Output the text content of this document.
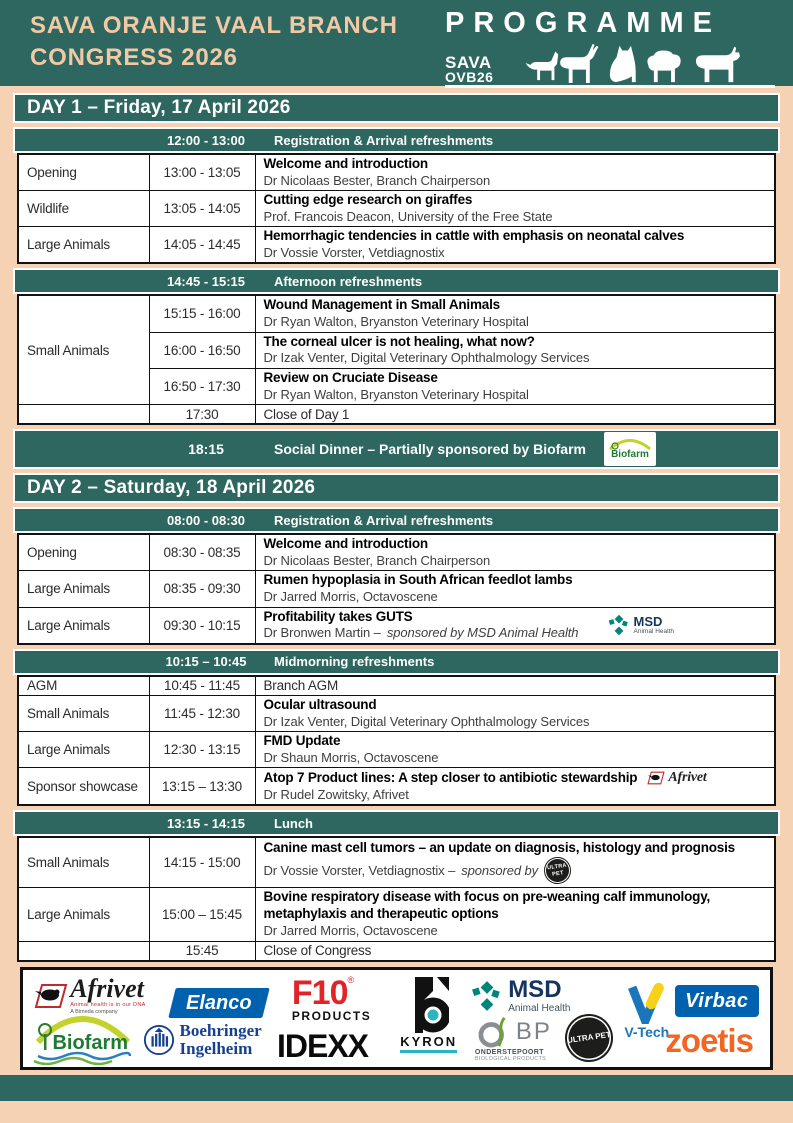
SAVA ORANJE VAAL BRANCH
CONGRESS 2026
PROGRAMME
SAVA
OVB26
DAY 1 – Friday, 17 April 2026
12:00 - 13:00	Registration & Arrival refreshments
Opening	13:00 - 13:05	Welcome and introduction
Dr Nicolaas Bester, Branch Chairperson

Wildlife	13:05 - 14:05	Cutting edge research on giraffes
Prof. Francois Deacon, University of the Free State

Large Animals	14:05 - 14:45	Hemorrhagic tendencies in cattle with emphasis on neonatal calves
Dr Vossie Vorster, Vetdiagnostix
14:45 - 15:15	Afternoon refreshments
Small Animals	15:15 - 16:00	Wound Management in Small Animals
Dr Ryan Walton, Bryanston Veterinary Hospital

	16:00 - 16:50	The corneal ulcer is not healing, what now?
Dr Izak Venter, Digital Veterinary Ophthalmology Services

	16:50 - 17:30	Review on Cruciate Disease
Dr Ryan Walton, Bryanston Veterinary Hospital

	17:30	Close of Day 1
18:15	Social Dinner – Partially sponsored by Biofarm	Biofarm
DAY 2 – Saturday, 18 April 2026
08:00 - 08:30	Registration & Arrival refreshments
Opening	08:30 - 08:35	Welcome and introduction
Dr Nicolaas Bester, Branch Chairperson

Large Animals	08:35 - 09:30	Rumen hypoplasia in South African feedlot lambs
Dr Jarred Morris, Octavoscene

Large Animals	09:30 - 10:15	Profitability takes GUTS
Dr Bronwen Martin – sponsored by MSD Animal Health
MSD
Animal Health
10:15 – 10:45	Midmorning refreshments
AGM	10:45 - 11:45	Branch AGM
Small Animals	11:45 - 12:30	Ocular ultrasound
Dr Izak Venter, Digital Veterinary Ophthalmology Services

Large Animals	12:30 - 13:15	FMD Update
Dr Shaun Morris, Octavoscene

Sponsor showcase	13:15 – 13:30	Atop 7 Product lines: A step closer to antibiotic stewardship Afrivet
Dr Rudel Zowitsky, Afrivet
13:15 - 14:15	Lunch
Small Animals	14:15 - 15:00	Canine mast cell tumors – an update on diagnosis, histology and prognosis
Dr Vossie Vorster, Vetdiagnostix – sponsored by ULTRA PET

Large Animals	15:00 – 15:45	Bovine respiratory disease with focus on pre-weaning calf immunology, metaphylaxis and therapeutic options
Dr Jarred Morris, Octavoscene

	15:45	Close of Congress
Afrivet
Animal health is in our DNA
A Bimeda company	Elanco F10 ®
PRODUCTS
KYRON
MSD
Animal Health
V-Tech
Virbac
Biofarm
Boehringer
Ingelheim IDEXX	BP
ONDERSTEPOORT
BIOLOGICAL PRODUCTS
ULTRA PET zoetis
